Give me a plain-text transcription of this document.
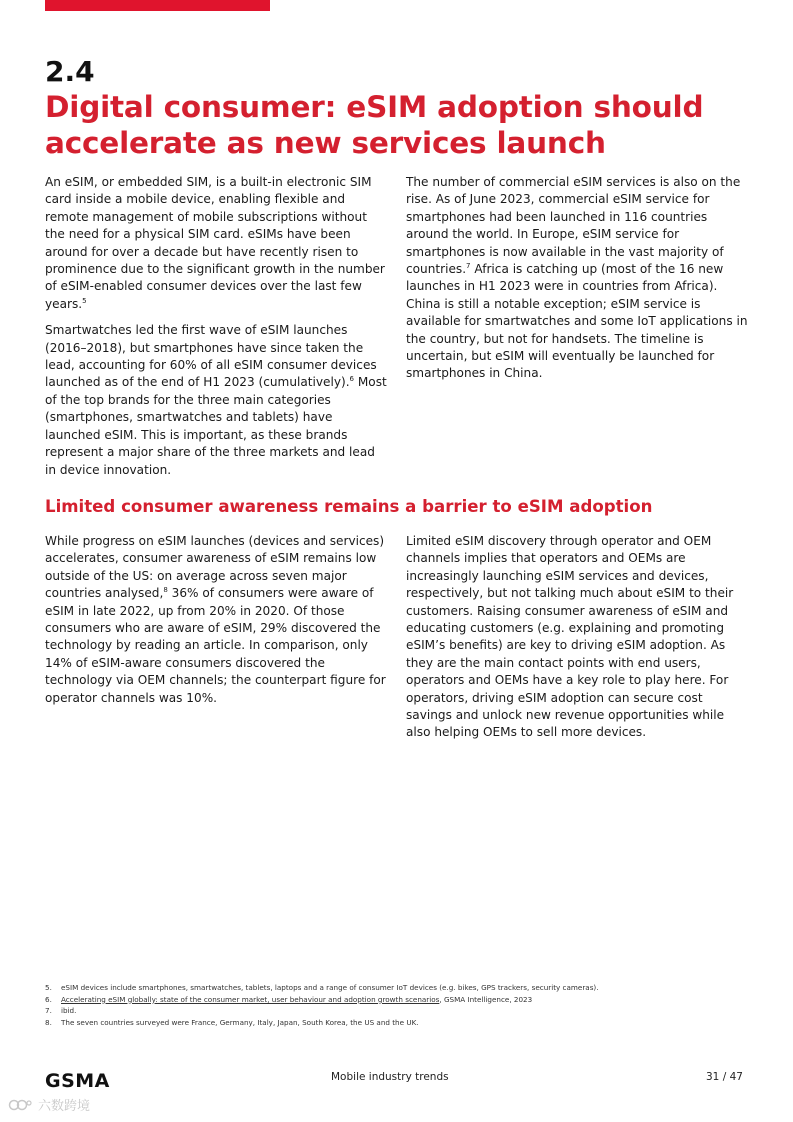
2.4
Digital consumer: eSIM adoption should accelerate as new services launch

An eSIM, or embedded SIM, is a built-in electronic SIM card inside a mobile device, enabling flexible and remote management of mobile subscriptions without the need for a physical SIM card. eSIMs have been around for over a decade but have recently risen to prominence due to the significant growth in the number of eSIM-enabled consumer devices over the last few years.$^5$

Smartwatches led the first wave of eSIM launches (2016–2018), but smartphones have since taken the lead, accounting for 60% of all eSIM consumer devices launched as of the end of H1 2023 (cumulatively).$^6$ Most of the top brands for the three main categories (smartphones, smartwatches and tablets) have launched eSIM. This is important, as these brands represent a major share of the three markets and lead in device innovation.

The number of commercial eSIM services is also on the rise. As of June 2023, commercial eSIM service for smartphones had been launched in 116 countries around the world. In Europe, eSIM service for smartphones is now available in the vast majority of countries.$^7$ Africa is catching up (most of the 16 new launches in H1 2023 were in countries from Africa). China is still a notable exception; eSIM service is available for smartwatches and some IoT applications in the country, but not for handsets. The timeline is uncertain, but eSIM will eventually be launched for smartphones in China.

Limited consumer awareness remains a barrier to eSIM adoption

While progress on eSIM launches (devices and services) accelerates, consumer awareness of eSIM remains low outside of the US: on average across seven major countries analysed,$^8$ 36% of consumers were aware of eSIM in late 2022, up from 20% in 2020. Of those consumers who are aware of eSIM, 29% discovered the technology by reading an article. In comparison, only 14% of eSIM-aware consumers discovered the technology via OEM channels; the counterpart figure for operator channels was 10%.

Limited eSIM discovery through operator and OEM channels implies that operators and OEMs are increasingly launching eSIM services and devices, respectively, but not talking much about eSIM to their customers. Raising consumer awareness of eSIM and educating customers (e.g. explaining and promoting eSIM’s benefits) are key to driving eSIM adoption. As they are the main contact points with end users, operators and OEMs have a key role to play here. For operators, driving eSIM adoption can secure cost savings and unlock new revenue opportunities while also helping OEMs to sell more devices.

5.	eSIM devices include smartphones, smartwatches, tablets, laptops and a range of consumer IoT devices (e.g. bikes, GPS trackers, security cameras).
6.	Accelerating eSIM globally: state of the consumer market, user behaviour and adoption growth scenarios, GSMA Intelligence, 2023
7.	ibid.
8.	The seven countries surveyed were France, Germany, Italy, Japan, South Korea, the US and the UK.
GSMA	Mobile industry trends	31 / 47
六数跨境
